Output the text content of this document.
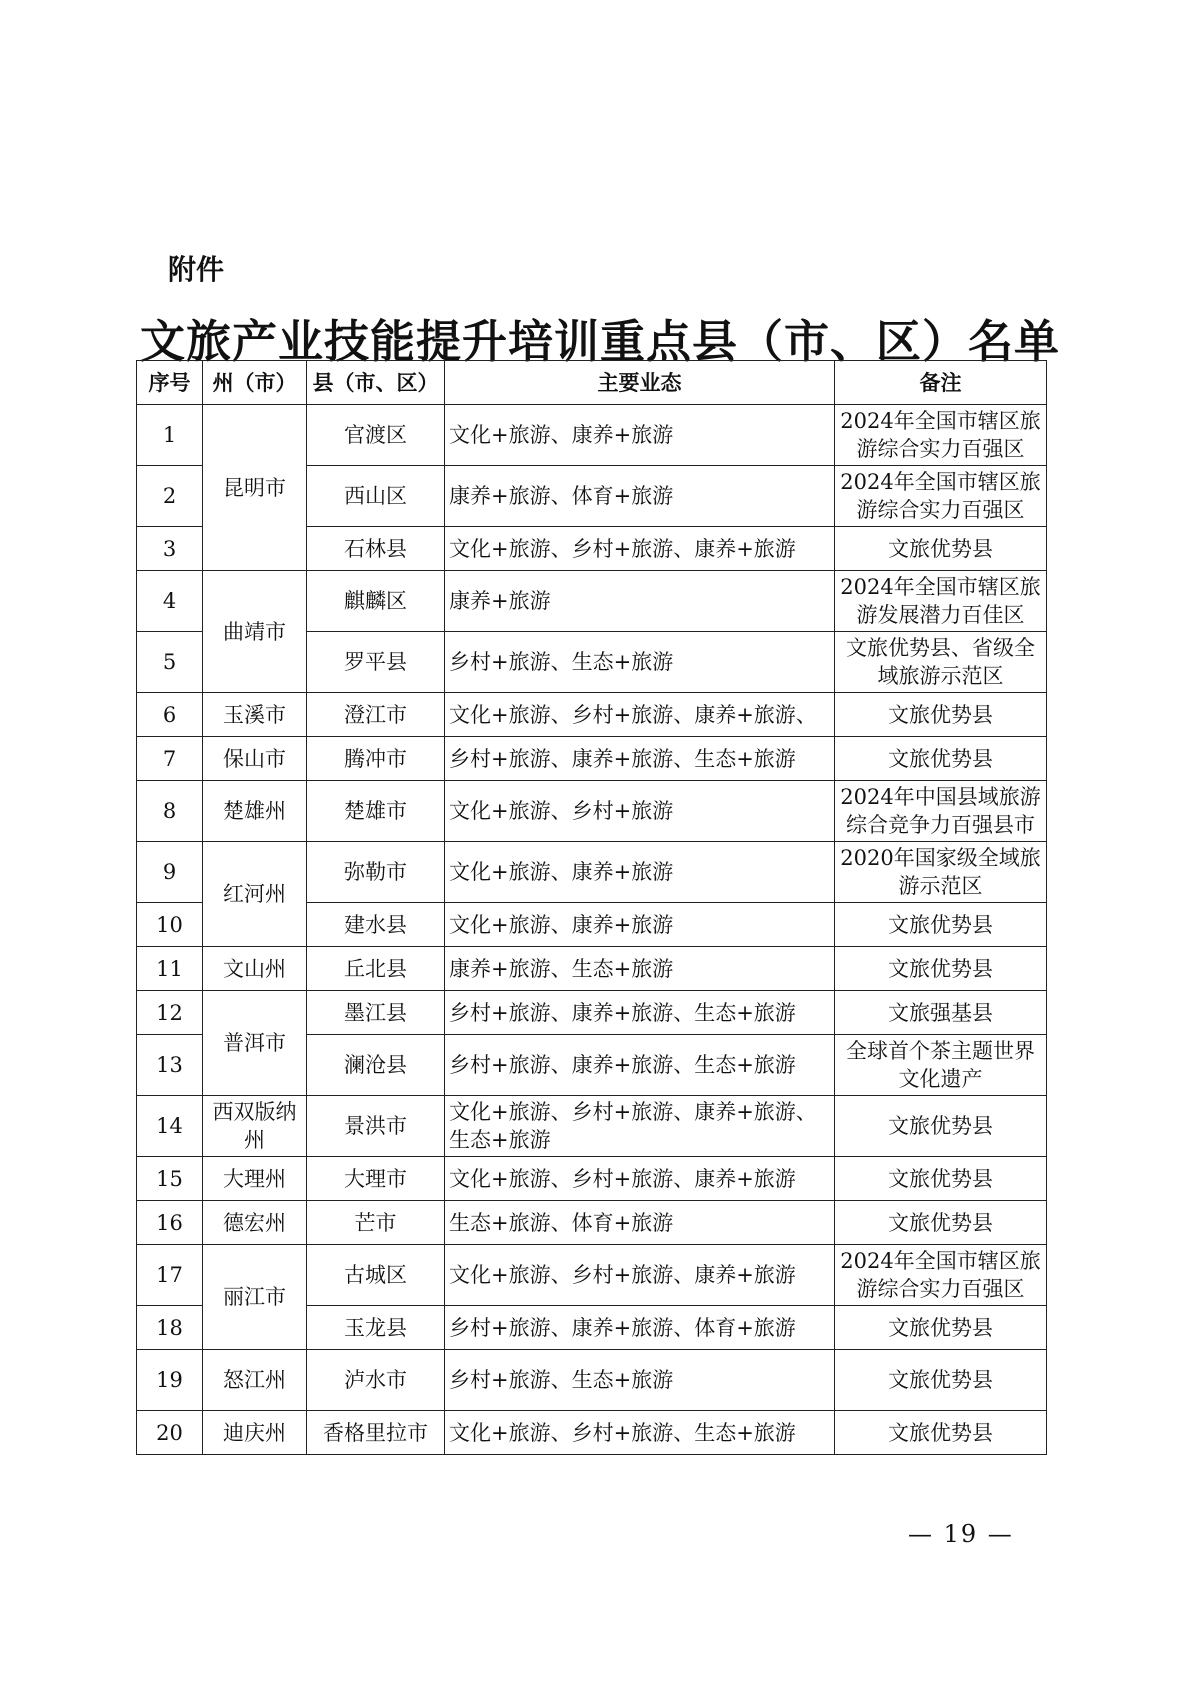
附件
文旅产业技能提升培训重点县（市、区）名单
序号	州（市）	县（市、区）	主要业态	备注
1	昆明市	官渡区	文化+旅游、康养+旅游	2024年全国市辖区旅游综合实力百强区
2		西山区	康养+旅游、体育+旅游	2024年全国市辖区旅游综合实力百强区
3		石林县	文化+旅游、乡村+旅游、康养+旅游	文旅优势县
4	曲靖市	麒麟区	康养+旅游	2024年全国市辖区旅游发展潜力百佳区
5		罗平县	乡村+旅游、生态+旅游	文旅优势县、省级全域旅游示范区
6	玉溪市	澄江市	文化+旅游、乡村+旅游、康养+旅游、	文旅优势县
7	保山市	腾冲市	乡村+旅游、康养+旅游、生态+旅游	文旅优势县
8	楚雄州	楚雄市	文化+旅游、乡村+旅游	2024年中国县域旅游综合竞争力百强县市
9	红河州	弥勒市	文化+旅游、康养+旅游	2020年国家级全域旅游示范区
10		建水县	文化+旅游、康养+旅游	文旅优势县
11	文山州	丘北县	康养+旅游、生态+旅游	文旅优势县
12	普洱市	墨江县	乡村+旅游、康养+旅游、生态+旅游	文旅强基县
13		澜沧县	乡村+旅游、康养+旅游、生态+旅游	全球首个茶主题世界文化遗产
14	西双版纳州	景洪市	文化+旅游、乡村+旅游、康养+旅游、生态+旅游	文旅优势县
15	大理州	大理市	文化+旅游、乡村+旅游、康养+旅游	文旅优势县
16	德宏州	芒市	生态+旅游、体育+旅游	文旅优势县
17	丽江市	古城区	文化+旅游、乡村+旅游、康养+旅游	2024年全国市辖区旅游综合实力百强区
18		玉龙县	乡村+旅游、康养+旅游、体育+旅游	文旅优势县
19	怒江州	泸水市	乡村+旅游、生态+旅游	文旅优势县
20	迪庆州	香格里拉市	文化+旅游、乡村+旅游、生态+旅游	文旅优势县
— 19 —
